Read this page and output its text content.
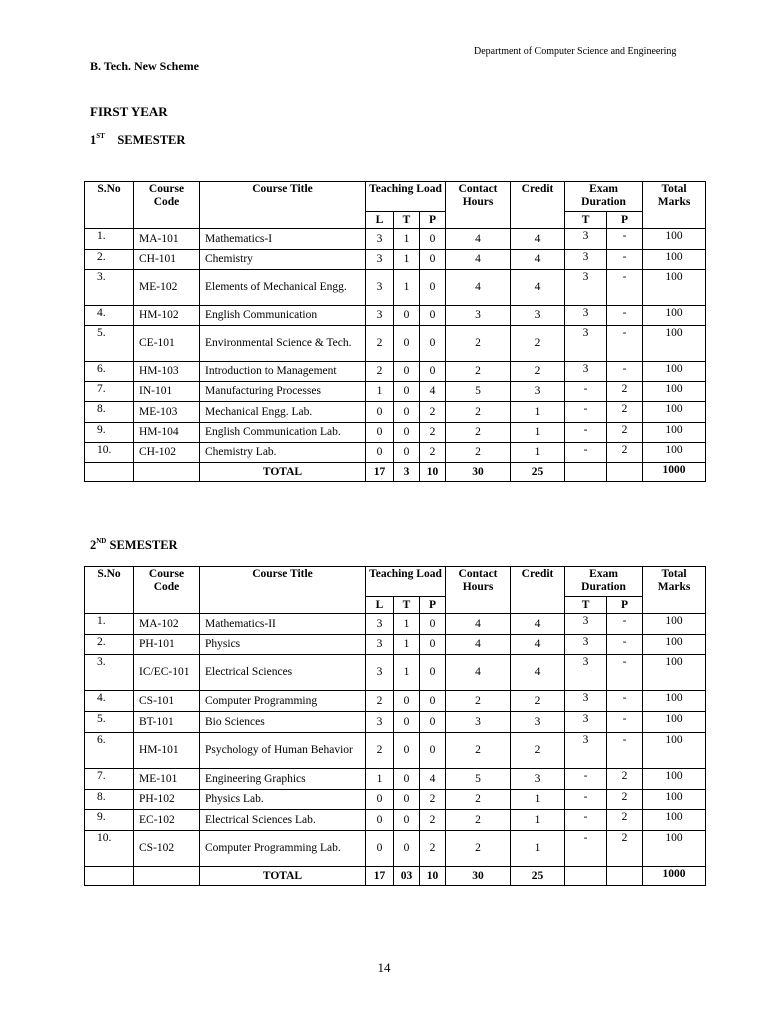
Department of Computer Science and Engineering
B. Tech. New Scheme
FIRST YEAR
1ST SEMESTER
S.No	Course Code	Course Title	Teaching Load			Contact Hours	Credit	Exam Duration		Total Marks
			L	T	P			T	P	
1.	MA-101	Mathematics-I	3	1	0	4	4	3	-	100
2.	CH-101	Chemistry	3	1	0	4	4	3	-	100
3.	ME-102	Elements of Mechanical Engg.	3	1	0	4	4	3	-	100
4.	HM-102	English Communication	3	0	0	3	3	3	-	100
5.	CE-101	Environmental Science & Tech.	2	0	0	2	2	3	-	100
6.	HM-103	Introduction to Management	2	0	0	2	2	3	-	100
7.	IN-101	Manufacturing Processes	1	0	4	5	3	-	2	100
8.	ME-103	Mechanical Engg. Lab.	0	0	2	2	1	-	2	100
9.	HM-104	English Communication Lab.	0	0	2	2	1	-	2	100
10.	CH-102	Chemistry Lab.	0	0	2	2	1	-	2	100
		TOTAL	17	3	10	30	25			1000
2ND SEMESTER
S.No	Course Code	Course Title	Teaching Load			Contact Hours	Credit	Exam Duration		Total Marks
			L	T	P			T	P	
1.	MA-102	Mathematics-II	3	1	0	4	4	3	-	100
2.	PH-101	Physics	3	1	0	4	4	3	-	100
3.	IC/EC-101	Electrical Sciences	3	1	0	4	4	3	-	100
4.	CS-101	Computer Programming	2	0	0	2	2	3	-	100
5.	BT-101	Bio Sciences	3	0	0	3	3	3	-	100
6.	HM-101	Psychology of Human Behavior	2	0	0	2	2	3	-	100
7.	ME-101	Engineering Graphics	1	0	4	5	3	-	2	100
8.	PH-102	Physics Lab.	0	0	2	2	1	-	2	100
9.	EC-102	Electrical Sciences Lab.	0	0	2	2	1	-	2	100
10.	CS-102	Computer Programming Lab.	0	0	2	2	1	-	2	100
		TOTAL	17	03	10	30	25			1000
14
